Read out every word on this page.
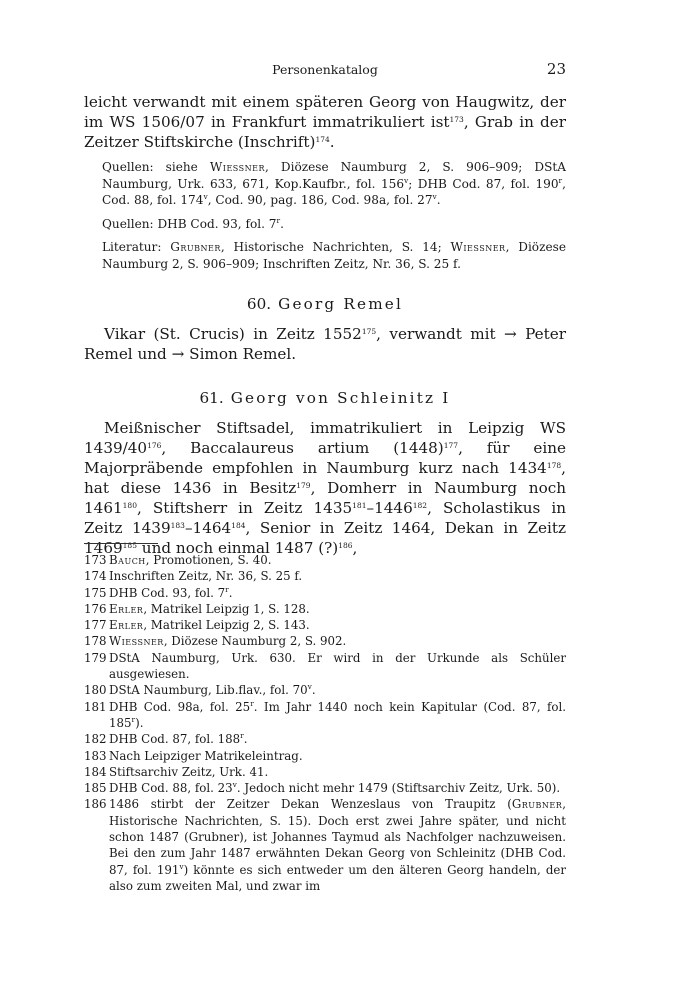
Personenkatalog	23

leicht verwandt mit einem späteren Georg von Haugwitz, der im WS 1506/07 in Frankfurt immatrikuliert ist$^{173}$, Grab in der Zeitzer Stiftskirche (Inschrift)$^{174}$.

Quellen: siehe Wiessner, Diözese Naumburg 2, S. 906–909; DStA Naumburg, Urk. 633, 671, Kop.Kaufbr., fol. 156$^v$; DHB Cod. 87, fol. 190$^r$, Cod. 88, fol. 174$^v$, Cod. 90, pag. 186, Cod. 98a, fol. 27$^v$.

Quellen: DHB Cod. 93, fol. 7$^r$.

Literatur: Grubner, Historische Nachrichten, S. 14; Wiessner, Diözese Naumburg 2, S. 906–909; Inschriften Zeitz, Nr. 36, S. 25 f.

60. Georg Remel

Vikar (St. Crucis) in Zeitz 1552$^{175}$, verwandt mit → Peter Remel und → Simon Remel.

61. Georg von Schleinitz I

Meißnischer Stiftsadel, immatrikuliert in Leipzig WS $1439/40^{176}$, Baccalaureus artium $(1448)^{177}$, für eine Majorpräbende empfohlen in Naumburg kurz nach 1434$^{178}$, hat diese 1436 in Besitz$^{179}$, Domherr in Naumburg noch 1461$^{180}$, Stiftsherr in Zeitz 1435$^{181}$–1446$^{182}$, Scholastikus in Zeitz 1439$^{183}$–1464$^{184}$, Senior in Zeitz 1464, Dekan in Zeitz 1469$^{185}$ und noch einmal 1487 (?)$^{186}$,

173 Bauch, Promotionen, S. 40.
174 Inschriften Zeitz, Nr. 36, S. 25 f.
175 DHB Cod. 93, fol. 7$^r$.
176 Erler, Matrikel Leipzig 1, S. 128.
177 Erler, Matrikel Leipzig 2, S. 143.
178 Wiessner, Diözese Naumburg 2, S. 902.
179 DStA Naumburg, Urk. 630. Er wird in der Urkunde als Schüler ausgewiesen.
180 DStA Naumburg, Lib.flav., fol. 70$^v$.
181 DHB Cod. 98a, fol. 25$^r$. Im Jahr 1440 noch kein Kapitular (Cod. 87, fol. 185$^r$).
182 DHB Cod. 87, fol. 188$^r$.
183 Nach Leipziger Matrikeleintrag.
184 Stiftsarchiv Zeitz, Urk. 41.
185 DHB Cod. 88, fol. 23$^v$. Jedoch nicht mehr 1479 (Stiftsarchiv Zeitz, Urk. 50).
186 1486 stirbt der Zeitzer Dekan Wenzeslaus von Traupitz (Grubner, Historische Nachrichten, S. 15). Doch erst zwei Jahre später, und nicht schon 1487 (Grubner), ist Johannes Taymud als Nachfolger nachzuweisen. Bei den zum Jahr 1487 erwähnten Dekan Georg von Schleinitz (DHB Cod. 87, fol. 191$^v$) könnte es sich entweder um den älteren Georg handeln, der also zum zweiten Mal, und zwar im
